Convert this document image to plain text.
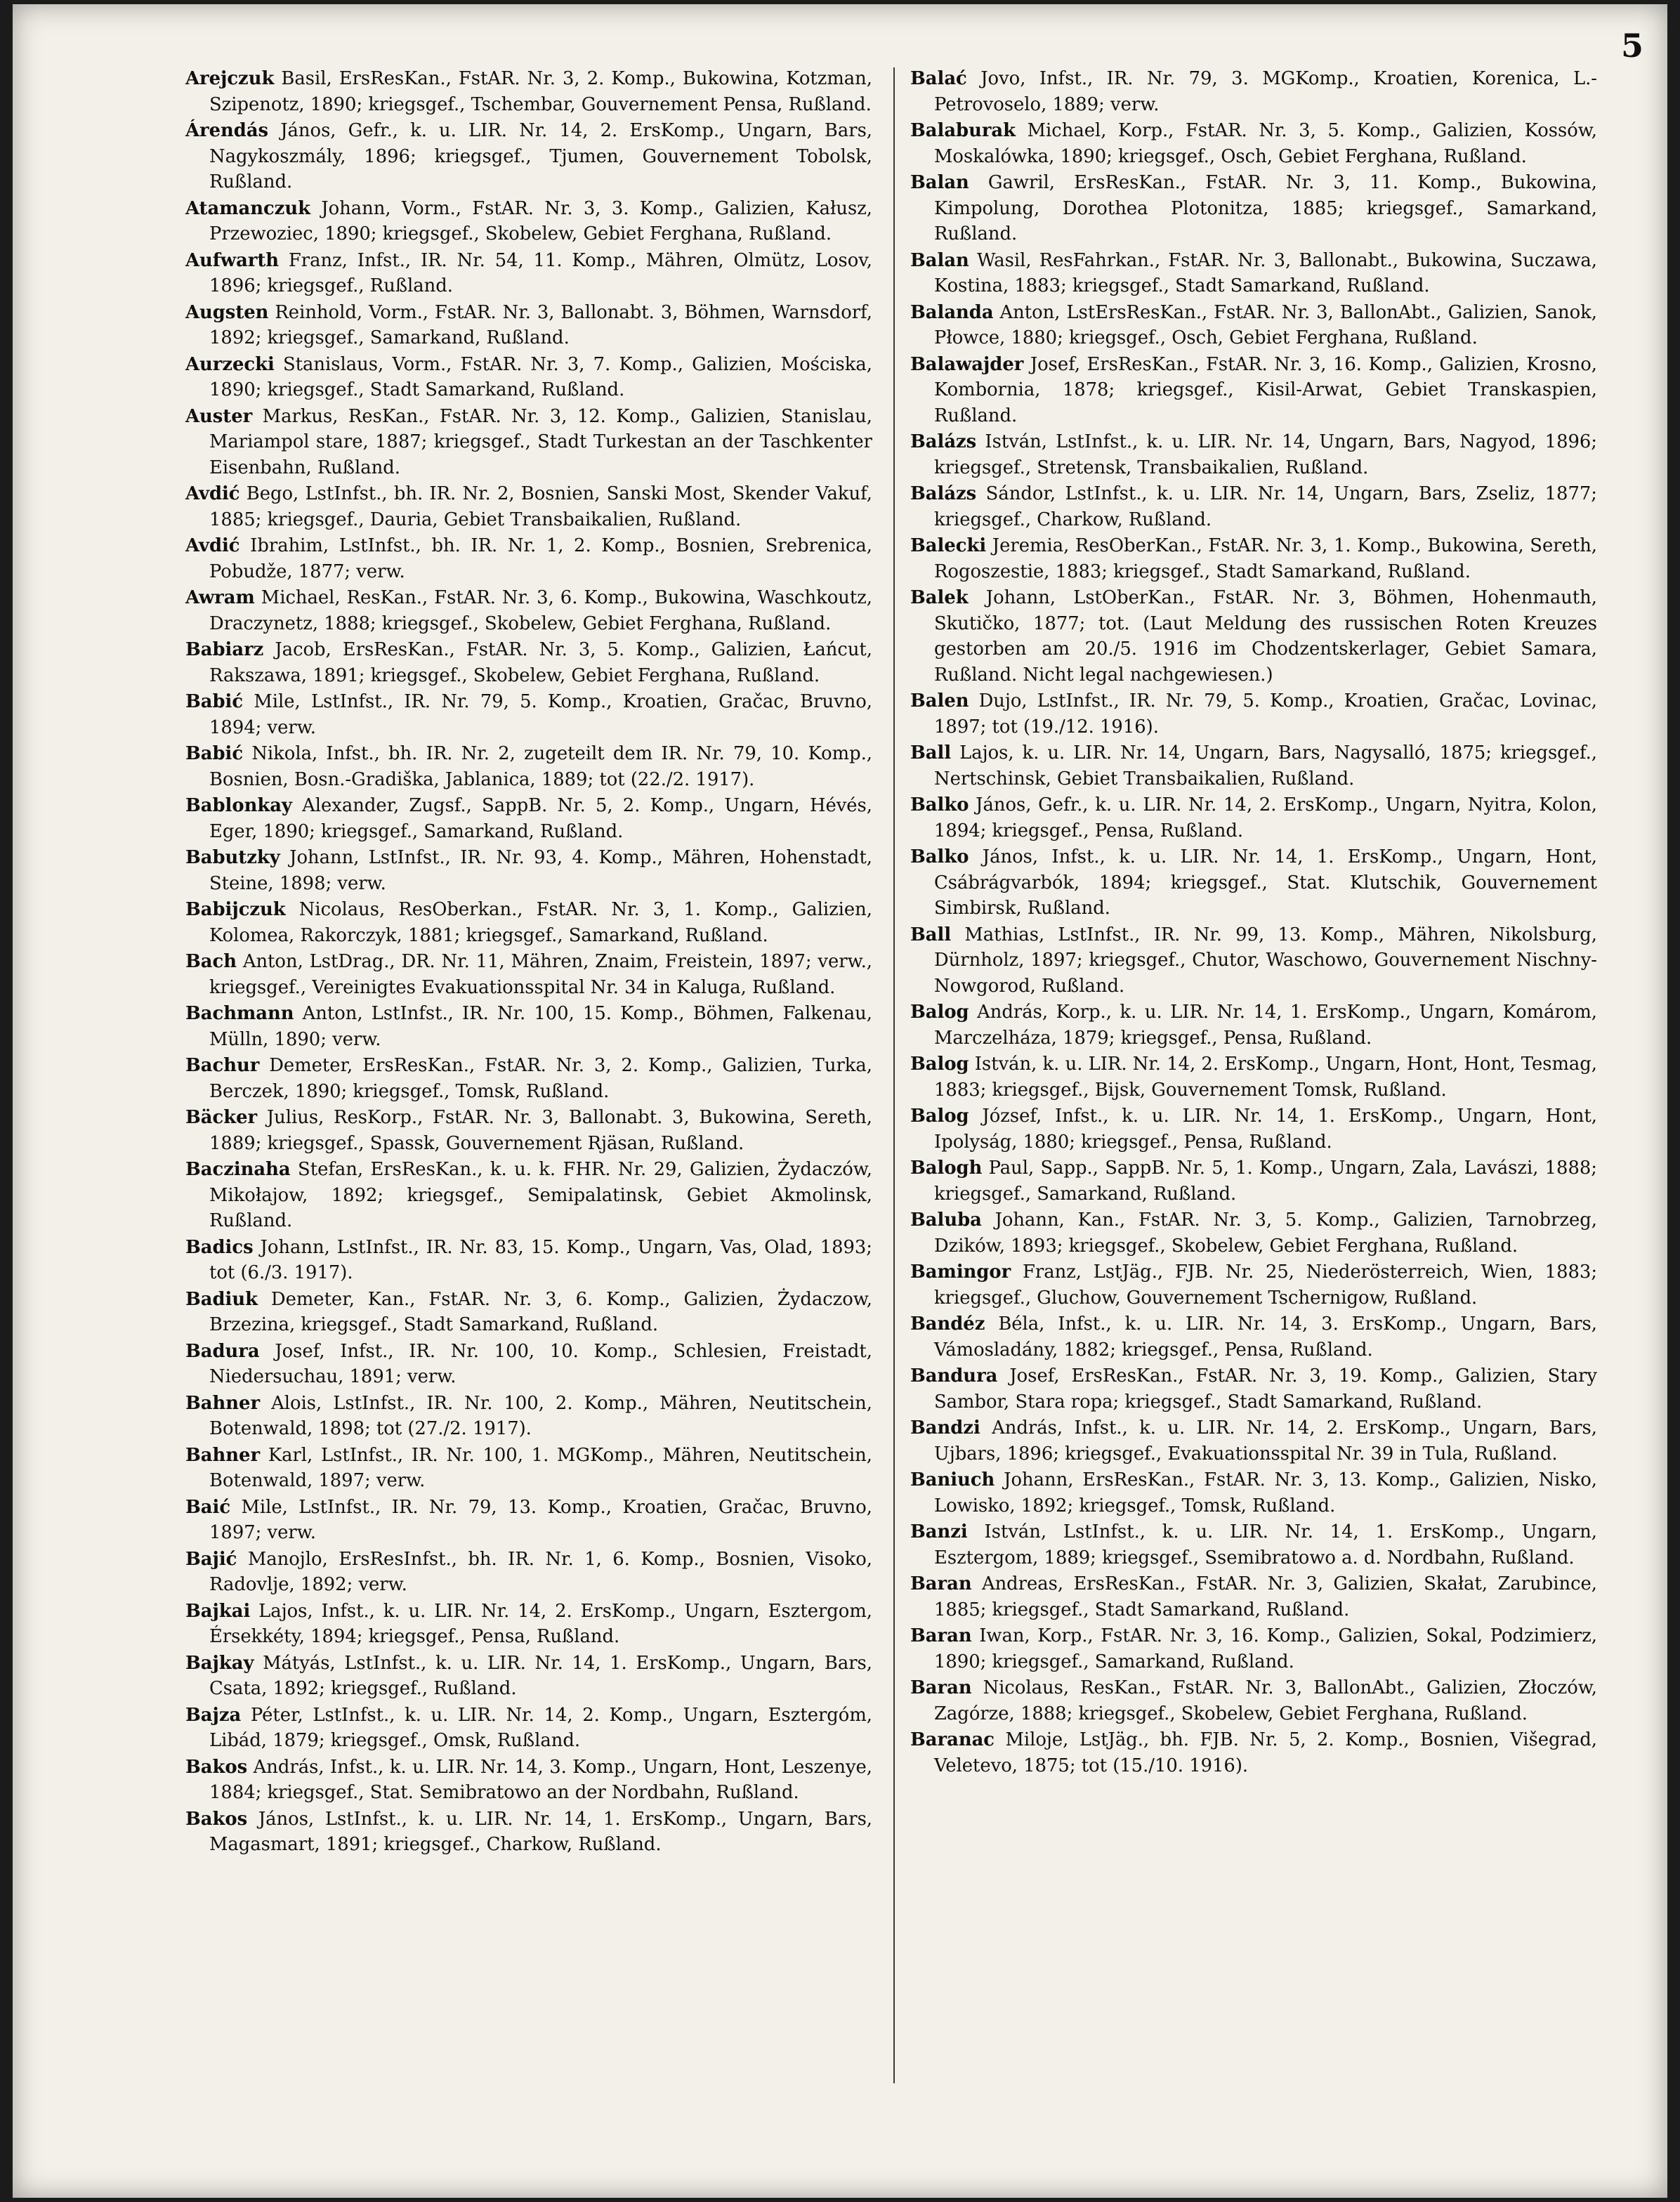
5

Arejczuk Basil, ErsResKan., FstAR. Nr. 3, 2. Komp., Bukowina, Kotzman, Szipenotz, 1890; kriegsgef., Tschembar, Gouvernement Pensa, Rußland.

Árendás János, Gefr., k. u. LIR. Nr. 14, 2. ErsKomp., Ungarn, Bars, Nagykoszmály, 1896; kriegsgef., Tjumen, Gouvernement Tobolsk, Rußland.

Atamanczuk Johann, Vorm., FstAR. Nr. 3, 3. Komp., Galizien, Kałusz, Przewoziec, 1890; kriegsgef., Skobelew, Gebiet Ferghana, Rußland.

Aufwarth Franz, Infst., IR. Nr. 54, 11. Komp., Mähren, Olmütz, Losov, 1896; kriegsgef., Rußland.

Augsten Reinhold, Vorm., FstAR. Nr. 3, Ballonabt. 3, Böhmen, Warnsdorf, 1892; kriegsgef., Samarkand, Rußland.

Aurzecki Stanislaus, Vorm., FstAR. Nr. 3, 7. Komp., Galizien, Mościska, 1890; kriegsgef., Stadt Samarkand, Rußland.

Auster Markus, ResKan., FstAR. Nr. 3, 12. Komp., Galizien, Stanislau, Mariampol stare, 1887; kriegsgef., Stadt Turkestan an der Taschkenter Eisenbahn, Rußland.

Avdić Bego, LstInfst., bh. IR. Nr. 2, Bosnien, Sanski Most, Skender Vakuf, 1885; kriegsgef., Dauria, Gebiet Transbaikalien, Rußland.

Avdić Ibrahim, LstInfst., bh. IR. Nr. 1, 2. Komp., Bosnien, Srebrenica, Pobudže, 1877; verw.

Awram Michael, ResKan., FstAR. Nr. 3, 6. Komp., Bukowina, Waschkoutz, Draczynetz, 1888; kriegsgef., Skobelew, Gebiet Ferghana, Rußland.

Babiarz Jacob, ErsResKan., FstAR. Nr. 3, 5. Komp., Galizien, Łańcut, Rakszawa, 1891; kriegsgef., Skobelew, Gebiet Ferghana, Rußland.

Babić Mile, LstInfst., IR. Nr. 79, 5. Komp., Kroatien, Gračac, Bruvno, 1894; verw.

Babić Nikola, Infst., bh. IR. Nr. 2, zugeteilt dem IR. Nr. 79, 10. Komp., Bosnien, Bosn.-Gradiška, Jablanica, 1889; tot (22./2. 1917).

Bablonkay Alexander, Zugsf., SappB. Nr. 5, 2. Komp., Ungarn, Hévés, Eger, 1890; kriegsgef., Samarkand, Rußland.

Babutzky Johann, LstInfst., IR. Nr. 93, 4. Komp., Mähren, Hohenstadt, Steine, 1898; verw.

Babijczuk Nicolaus, ResOberkan., FstAR. Nr. 3, 1. Komp., Galizien, Kolomea, Rakorczyk, 1881; kriegsgef., Samarkand, Rußland.

Bach Anton, LstDrag., DR. Nr. 11, Mähren, Znaim, Freistein, 1897; verw., kriegsgef., Vereinigtes Evakuationsspital Nr. 34 in Kaluga, Rußland.

Bachmann Anton, LstInfst., IR. Nr. 100, 15. Komp., Böhmen, Falkenau, Mülln, 1890; verw.

Bachur Demeter, ErsResKan., FstAR. Nr. 3, 2. Komp., Galizien, Turka, Berczek, 1890; kriegsgef., Tomsk, Rußland.

Bäcker Julius, ResKorp., FstAR. Nr. 3, Ballonabt. 3, Bukowina, Sereth, 1889; kriegsgef., Spassk, Gouvernement Rjäsan, Rußland.

Baczinaha Stefan, ErsResKan., k. u. k. FHR. Nr. 29, Galizien, Żydaczów, Mikołajow, 1892; kriegsgef., Semipalatinsk, Gebiet Akmolinsk, Rußland.

Badics Johann, LstInfst., IR. Nr. 83, 15. Komp., Ungarn, Vas, Olad, 1893; tot (6./3. 1917).

Badiuk Demeter, Kan., FstAR. Nr. 3, 6. Komp., Galizien, Żydaczow, Brzezina, kriegsgef., Stadt Samarkand, Rußland.

Badura Josef, Infst., IR. Nr. 100, 10. Komp., Schlesien, Freistadt, Niedersuchau, 1891; verw.

Bahner Alois, LstInfst., IR. Nr. 100, 2. Komp., Mähren, Neutitschein, Botenwald, 1898; tot (27./2. 1917).

Bahner Karl, LstInfst., IR. Nr. 100, 1. MGKomp., Mähren, Neutitschein, Botenwald, 1897; verw.

Baić Mile, LstInfst., IR. Nr. 79, 13. Komp., Kroatien, Gračac, Bruvno, 1897; verw.

Bajić Manojlo, ErsResInfst., bh. IR. Nr. 1, 6. Komp., Bosnien, Visoko, Radovlje, 1892; verw.

Bajkai Lajos, Infst., k. u. LIR. Nr. 14, 2. ErsKomp., Ungarn, Esztergom, Érsekkéty, 1894; kriegsgef., Pensa, Rußland.

Bajkay Mátyás, LstInfst., k. u. LIR. Nr. 14, 1. ErsKomp., Ungarn, Bars, Csata, 1892; kriegsgef., Rußland.

Bajza Péter, LstInfst., k. u. LIR. Nr. 14, 2. Komp., Ungarn, Esztergóm, Libád, 1879; kriegsgef., Omsk, Rußland.

Bakos András, Infst., k. u. LIR. Nr. 14, 3. Komp., Ungarn, Hont, Leszenye, 1884; kriegsgef., Stat. Semibratowo an der Nordbahn, Rußland.

Bakos János, LstInfst., k. u. LIR. Nr. 14, 1. ErsKomp., Ungarn, Bars, Magasmart, 1891; kriegsgef., Charkow, Rußland.

Balać Jovo, Infst., IR. Nr. 79, 3. MGKomp., Kroatien, Korenica, L.-Petrovoselo, 1889; verw.

Balaburak Michael, Korp., FstAR. Nr. 3, 5. Komp., Galizien, Kossów, Moskalówka, 1890; kriegsgef., Osch, Gebiet Ferghana, Rußland.

Balan Gawril, ErsResKan., FstAR. Nr. 3, 11. Komp., Bukowina, Kimpolung, Dorothea Plotonitza, 1885; kriegsgef., Samarkand, Rußland.

Balan Wasil, ResFahrkan., FstAR. Nr. 3, Ballonabt., Bukowina, Suczawa, Kostina, 1883; kriegsgef., Stadt Samarkand, Rußland.

Balanda Anton, LstErsResKan., FstAR. Nr. 3, BallonAbt., Galizien, Sanok, Płowce, 1880; kriegsgef., Osch, Gebiet Ferghana, Rußland.

Balawajder Josef, ErsResKan., FstAR. Nr. 3, 16. Komp., Galizien, Krosno, Kombornia, 1878; kriegsgef., Kisil-Arwat, Gebiet Transkaspien, Rußland.

Balázs István, LstInfst., k. u. LIR. Nr. 14, Ungarn, Bars, Nagyod, 1896; kriegsgef., Stretensk, Transbaikalien, Rußland.

Balázs Sándor, LstInfst., k. u. LIR. Nr. 14, Ungarn, Bars, Zseliz, 1877; kriegsgef., Charkow, Rußland.

Balecki Jeremia, ResOberKan., FstAR. Nr. 3, 1. Komp., Bukowina, Sereth, Rogoszestie, 1883; kriegsgef., Stadt Samarkand, Rußland.

Balek Johann, LstOberKan., FstAR. Nr. 3, Böhmen, Hohenmauth, Skutičko, 1877; tot. (Laut Meldung des russischen Roten Kreuzes gestorben am 20./5. 1916 im Chodzentskerlager, Gebiet Samara, Rußland. Nicht legal nachgewiesen.)

Balen Dujo, LstInfst., IR. Nr. 79, 5. Komp., Kroatien, Gračac, Lovinac, 1897; tot (19./12. 1916).

Ball Lajos, k. u. LIR. Nr. 14, Ungarn, Bars, Nagysalló, 1875; kriegsgef., Nertschinsk, Gebiet Transbaikalien, Rußland.

Balko János, Gefr., k. u. LIR. Nr. 14, 2. ErsKomp., Ungarn, Nyitra, Kolon, 1894; kriegsgef., Pensa, Rußland.

Balko János, Infst., k. u. LIR. Nr. 14, 1. ErsKomp., Ungarn, Hont, Csábrágvarbók, 1894; kriegsgef., Stat. Klutschik, Gouvernement Simbirsk, Rußland.

Ball Mathias, LstInfst., IR. Nr. 99, 13. Komp., Mähren, Nikolsburg, Dürnholz, 1897; kriegsgef., Chutor, Waschowo, Gouvernement Nischny-Nowgorod, Rußland.

Balog András, Korp., k. u. LIR. Nr. 14, 1. ErsKomp., Ungarn, Komárom, Marczelháza, 1879; kriegsgef., Pensa, Rußland.

Balog István, k. u. LIR. Nr. 14, 2. ErsKomp., Ungarn, Hont, Hont, Tesmag, 1883; kriegsgef., Bijsk, Gouvernement Tomsk, Rußland.

Balog József, Infst., k. u. LIR. Nr. 14, 1. ErsKomp., Ungarn, Hont, Ipolyság, 1880; kriegsgef., Pensa, Rußland.

Balogh Paul, Sapp., SappB. Nr. 5, 1. Komp., Ungarn, Zala, Lavászi, 1888; kriegsgef., Samarkand, Rußland.

Baluba Johann, Kan., FstAR. Nr. 3, 5. Komp., Galizien, Tarnobrzeg, Dzików, 1893; kriegsgef., Skobelew, Gebiet Ferghana, Rußland.

Bamingor Franz, LstJäg., FJB. Nr. 25, Niederösterreich, Wien, 1883; kriegsgef., Gluchow, Gouvernement Tschernigow, Rußland.

Bandéz Béla, Infst., k. u. LIR. Nr. 14, 3. ErsKomp., Ungarn, Bars, Vámosladány, 1882; kriegsgef., Pensa, Rußland.

Bandura Josef, ErsResKan., FstAR. Nr. 3, 19. Komp., Galizien, Stary Sambor, Stara ropa; kriegsgef., Stadt Samarkand, Rußland.

Bandzi András, Infst., k. u. LIR. Nr. 14, 2. ErsKomp., Ungarn, Bars, Ujbars, 1896; kriegsgef., Evakuationsspital Nr. 39 in Tula, Rußland.

Baniuch Johann, ErsResKan., FstAR. Nr. 3, 13. Komp., Galizien, Nisko, Lowisko, 1892; kriegsgef., Tomsk, Rußland.

Banzi István, LstInfst., k. u. LIR. Nr. 14, 1. ErsKomp., Ungarn, Esztergom, 1889; kriegsgef., Ssemibratowo a. d. Nordbahn, Rußland.

Baran Andreas, ErsResKan., FstAR. Nr. 3, Galizien, Skałat, Zarubince, 1885; kriegsgef., Stadt Samarkand, Rußland.

Baran Iwan, Korp., FstAR. Nr. 3, 16. Komp., Galizien, Sokal, Podzimierz, 1890; kriegsgef., Samarkand, Rußland.

Baran Nicolaus, ResKan., FstAR. Nr. 3, BallonAbt., Galizien, Złoczów, Zagórze, 1888; kriegsgef., Skobelew, Gebiet Ferghana, Rußland.

Baranac Miloje, LstJäg., bh. FJB. Nr. 5, 2. Komp., Bosnien, Višegrad, Veletevo, 1875; tot (15./10. 1916).
